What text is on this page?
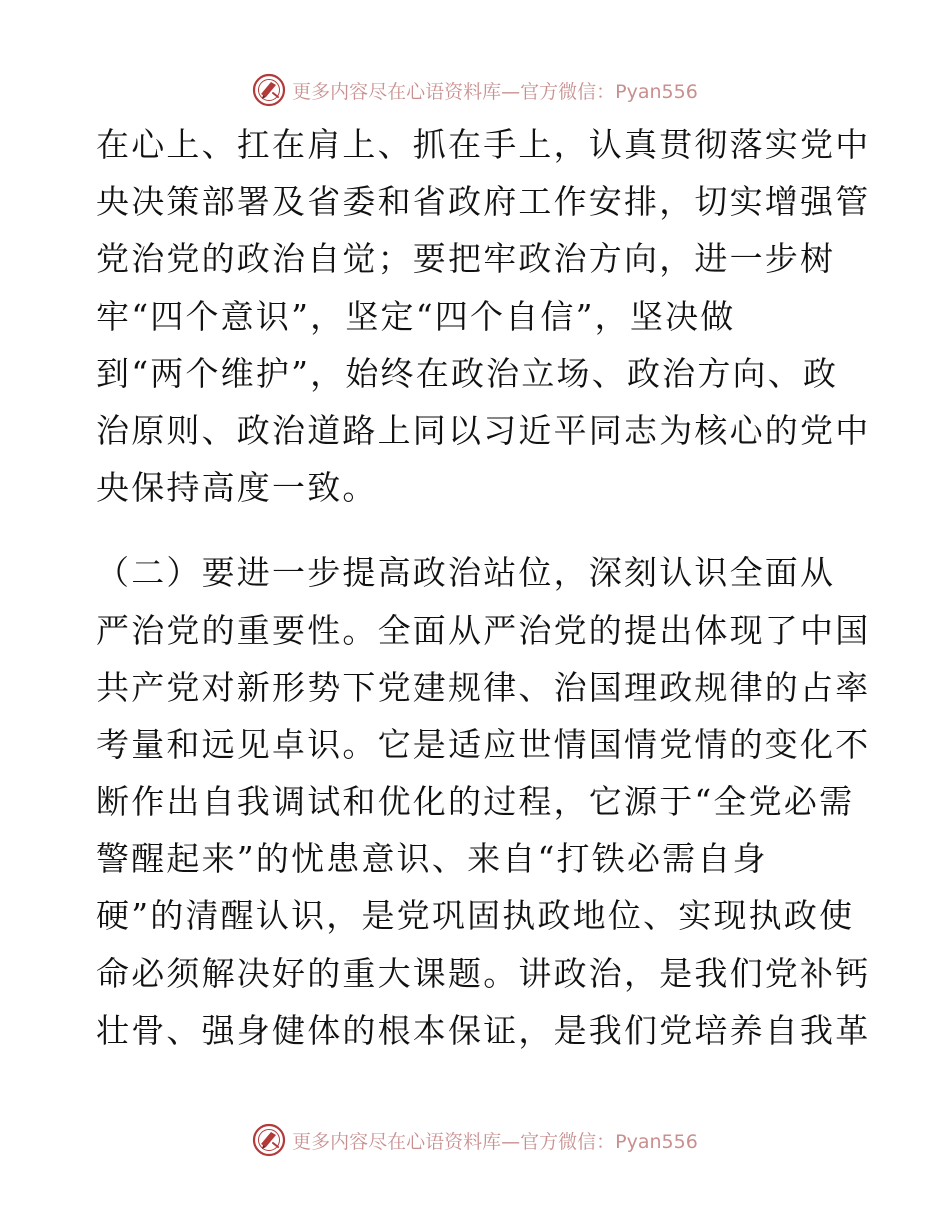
更多内容尽在心语资料库—官方微信：Pyan556
在心上、扛在肩上、抓在手上，认真贯彻落实党中
央决策部署及省委和省政府工作安排，切实增强管
党治党的政治自觉；要把牢政治方向，进一步树
牢“四个意识”，坚定“四个自信”，坚决做
到“两个维护”，始终在政治立场、政治方向、政
治原则、政治道路上同以习近平同志为核心的党中
央保持高度一致。
（二）要进一步提高政治站位，深刻认识全面从
严治党的重要性。全面从严治党的提出体现了中国
共产党对新形势下党建规律、治国理政规律的占率
考量和远见卓识。它是适应世情国情党情的变化不
断作出自我调试和优化的过程，它源于“全党必需
警醒起来”的忧患意识、来自“打铁必需自身
硬”的清醒认识，是党巩固执政地位、实现执政使
命必须解决好的重大课题。讲政治，是我们党补钙
壮骨、强身健体的根本保证，是我们党培养自我革
更多内容尽在心语资料库—官方微信：Pyan556
